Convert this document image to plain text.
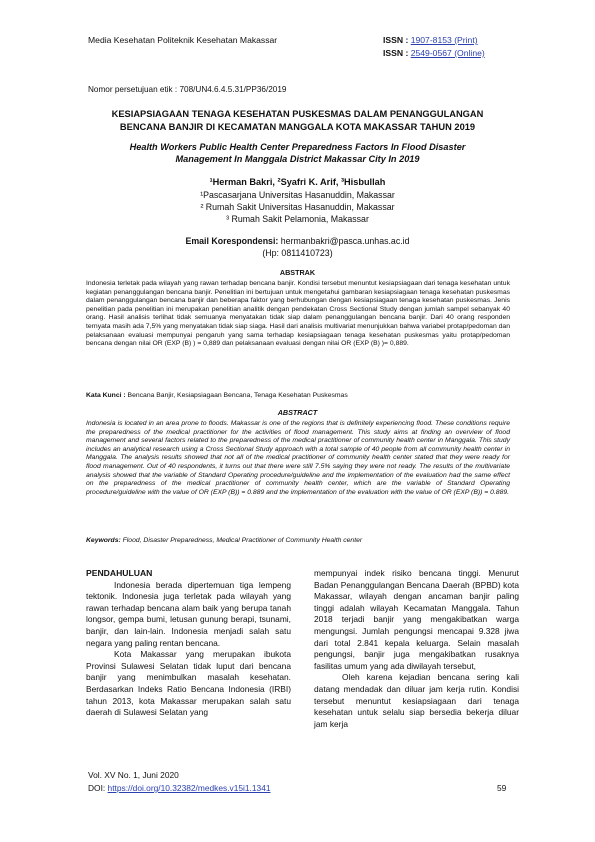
Media Kesehatan Politeknik Kesehatan Makassar	ISSN : 1907-8153 (Print)
ISSN : 2549-0567 (Online)
Nomor persetujuan etik : 708/UN4.6.4.5.31/PP36/2019
KESIAPSIAGAAN TENAGA KESEHATAN PUSKESMAS DALAM PENANGGULANGAN
BENCANA BANJIR DI KECAMATAN MANGGALA KOTA MAKASSAR TAHUN 2019
Health Workers Public Health Center Preparedness Factors In Flood Disaster
Management In Manggala District Makassar City In 2019
¹Herman Bakri, ²Syafri K. Arif, ³Hisbullah
¹Pascasarjana Universitas Hasanuddin, Makassar
² Rumah Sakit Universitas Hasanuddin, Makassar
³ Rumah Sakit Pelamonia, Makassar
Email Korespondensi: hermanbakri@pasca.unhas.ac.id
(Hp: 0811410723)
ABSTRAK
Indonesia terletak pada wilayah yang rawan terhadap bencana banjir. Kondisi tersebut menuntut kesiapsiagaan dari tenaga kesehatan untuk kegiatan penanggulangan bencana banjir. Penelitian ini bertujuan untuk mengetahui gambaran kesiapsiagaan tenaga kesehatan puskesmas dalam penanggulangan bencana banjir dan beberapa faktor yang berhubungan dengan kesiapsiagaan tenaga kesehatan puskesmas. Jenis penelitian pada penelitian ini merupakan penelitian analitik dengan pendekatan Cross Sectional Study dengan jumlah sampel sebanyak 40 orang. Hasil analisis terlihat tidak semuanya menyatakan tidak siap dalam penanggulangan bencana banjir. Dari 40 orang responden ternyata masih ada 7,5% yang menyatakan tidak siap siaga. Hasil dari analisis multivariat menunjukkan bahwa variabel protap/pedoman dan pelaksanaan evaluasi mempunyai pengaruh yang sama terhadap kesiapsiagaan tenaga kesehatan puskesmas yaitu protap/pedoman bencana dengan nilai OR (EXP (B) ) = 0,889 dan pelaksanaan evaluasi dengan nilai OR (EXP (B) )= 0,889.
Kata Kunci : Bencana Banjir, Kesiapsiagaan Bencana, Tenaga Kesehatan Puskesmas
ABSTRACT
Indonesia is located in an area prone to floods. Makassar is one of the regions that is definitely experiencing flood. These conditions require the preparedness of the medical practitioner for the activities of flood management. This study aims at finding an overview of flood management and several factors related to the preparedness of the medical practitioner of community health center in Manggala. This study includes an analytical research using a Cross Sectional Study approach with a total sample of 40 people from all community health center in Manggala. The analysis results showed that not all of the medical practitioner of community health center stated that they were ready for flood management. Out of 40 respondents, it turns out that there were still 7.5% saying they were not ready. The results of the multivariate analysis showed that the variable of Standard Operating procedure/guideline and the implementation of the evaluation had the same effect on the preparedness of the medical practitioner of community health center, which are the variable of Standard Operating procedure/guideline with the value of OR (EXP (B)) = 0.889 and the implementation of the evaluation with the value of OR (EXP (B)) = 0.889.
Keywords: Flood, Disaster Preparedness, Medical Practitioner of Community Health center

PENDAHULUAN

Indonesia berada dipertemuan tiga lempeng tektonik. Indonesia juga terletak pada wilayah yang rawan terhadap bencana alam baik yang berupa tanah longsor, gempa bumi, letusan gunung berapi, tsunami, banjir, dan lain-lain. Indonesia menjadi salah satu negara yang paling rentan bencana.

Kota Makassar yang merupakan ibukota Provinsi Sulawesi Selatan tidak luput dari bencana banjir yang menimbulkan masalah kesehatan. Berdasarkan Indeks Ratio Bencana Indonesia (IRBI) tahun 2013, kota Makassar merupakan salah satu daerah di Sulawesi Selatan yang

mempunyai indek risiko bencana tinggi. Menurut Badan Penanggulangan Bencana Daerah (BPBD) kota Makassar, wilayah dengan ancaman banjir paling tinggi adalah wilayah Kecamatan Manggala. Tahun 2018 terjadi banjir yang mengakibatkan warga mengungsi. Jumlah pengungsi mencapai 9.328 jiwa dari total 2.841 kepala keluarga. Selain masalah pengungsi, banjir juga mengakibatkan rusaknya fasilitas umum yang ada diwilayah tersebut,

Oleh karena kejadian bencana sering kali datang mendadak dan diluar jam kerja rutin. Kondisi tersebut menuntut kesiapsiagaan dari tenaga kesehatan untuk selalu siap bersedia bekerja diluar jam kerja

Vol. XV No. 1, Juni 2020
DOI: https://doi.org/10.32382/medkes.v15i1.1341	59
